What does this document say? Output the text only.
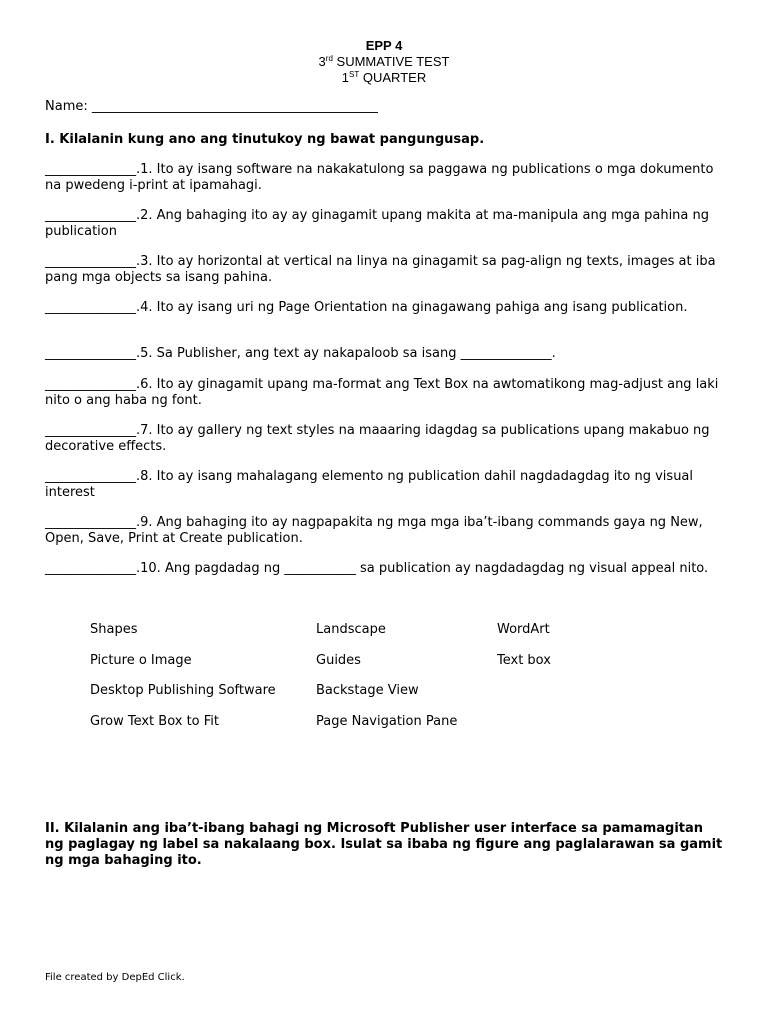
EPP 4
3rd SUMMATIVE TEST
1ST QUARTER
Name: ____________________________________________
I. Kilalanin kung ano ang tinutukoy ng bawat pangungusap.
______________.1. Ito ay isang software na nakakatulong sa paggawa ng publications o mga dokumento na pwedeng i-print at ipamahagi.
______________.2. Ang bahaging ito ay ay ginagamit upang makita at ma-manipula ang mga pahina ng publication
______________.3. Ito ay horizontal at vertical na linya na ginagamit sa pag-align ng texts, images at iba pang mga objects sa isang pahina.
______________.4. Ito ay isang uri ng Page Orientation na ginagawang pahiga ang isang publication.
______________.5. Sa Publisher, ang text ay nakapaloob sa isang ______________.
______________.6. Ito ay ginagamit upang ma-format ang Text Box na awtomatikong mag-adjust ang laki nito o ang haba ng font.
______________.7. Ito ay gallery ng text styles na maaaring idagdag sa publications upang makabuo ng decorative effects.
______________.8. Ito ay isang mahalagang elemento ng publication dahil nagdadagdag ito ng visual interest
______________.9. Ang bahaging ito ay nagpapakita ng mga mga iba’t-ibang commands gaya ng New, Open, Save, Print at Create publication.
______________.10. Ang pagdadag ng ___________ sa publication ay nagdadagdag ng visual appeal nito.
Shapes
Picture o Image
Desktop Publishing Software
Grow Text Box to Fit
Landscape
Guides
Backstage View
Page Navigation Pane
WordArt
Text box
II. Kilalanin ang iba’t-ibang bahagi ng Microsoft Publisher user interface sa pamamagitan ng paglagay ng label sa nakalaang box. Isulat sa ibaba ng figure ang paglalarawan sa gamit ng mga bahaging ito.
File created by DepEd Click.
